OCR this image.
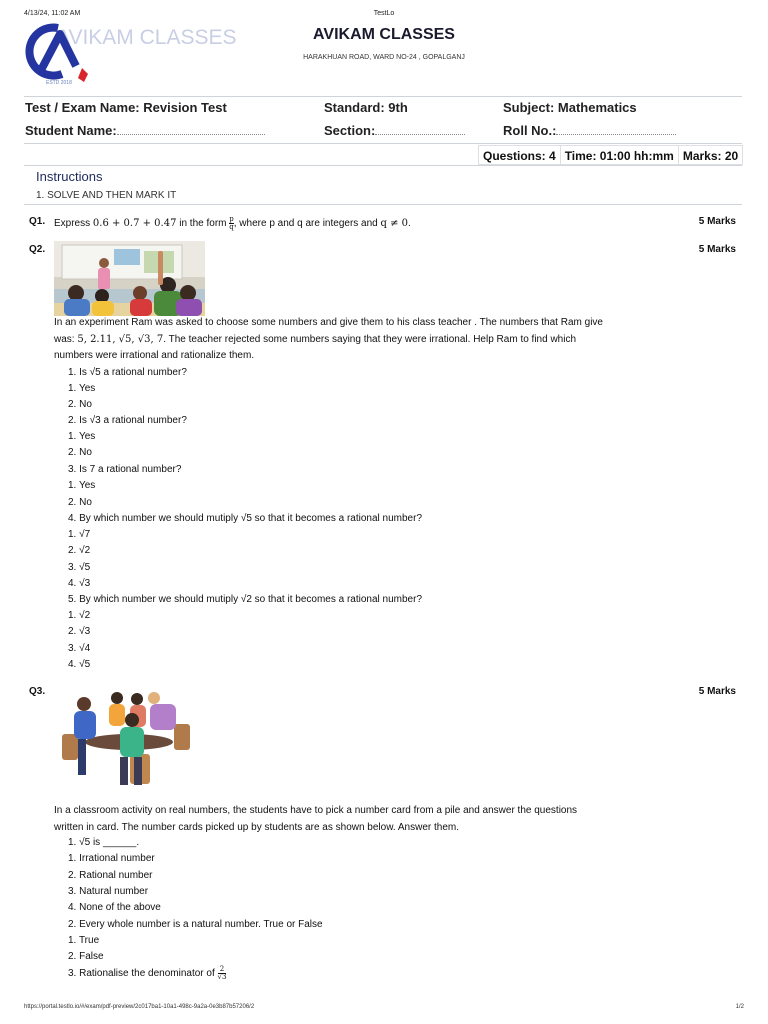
4/13/24, 11:02 AM	TestLo
AVIKAM CLASSES
ESTD 2018
AVIKAM CLASSES
HARAKHUAN ROAD, WARD NO-24 , GOPALGANJ
Test / Exam Name: Revision Test	Standard: 9th	Subject: Mathematics
Student Name:	Section:	Roll No.:
Questions: 4 Time: 01:00 hh:mm Marks: 20
Instructions
1. SOLVE AND THEN MARK IT
Q1.	5 Marks
Express 0.6 + 0.7̄ + 0.47̄ in the form $\frac{p}{q}$ , where p and q are integers and q ≠ 0.
Q2.	5 Marks
In an experiment Ram was asked to choose some numbers and give them to his class teacher . The numbers that Ram give
was: 5, 2.11, √5, √3, 7. The teacher rejected some numbers saying that they were irrational. Help Ram to find which
numbers were irrational and rationalize them.
1. Is √5 a rational number?
1. Yes
2. No
2. Is √3 a rational number?
1. Yes
2. No
3. Is 7 a rational number?
1. Yes
2. No
4. By which number we should mutiply √5 so that it becomes a rational number?
1. √7
2. √2
3. √5
4. √3
5. By which number we should mutiply √2 so that it becomes a rational number?
1. √2
2. √3
3. √4
4. √5
Q3.	5 Marks
In a classroom activity on real numbers, the students have to pick a number card from a pile and answer the questions
written in card. The number cards picked up by students are as shown below. Answer them.
1. √5 is ______.
1. Irrational number
2. Rational number
3. Natural number
4. None of the above
2. Every whole number is a natural number. True or False
1. True
2. False
3. Rationalise the denominator of $\frac{2}{√3}$
https://portal.testlo.io/#/exam/pdf-preview/2c017ba1-10a1-498c-9a2a-0e3b87b57206/2	1/2
